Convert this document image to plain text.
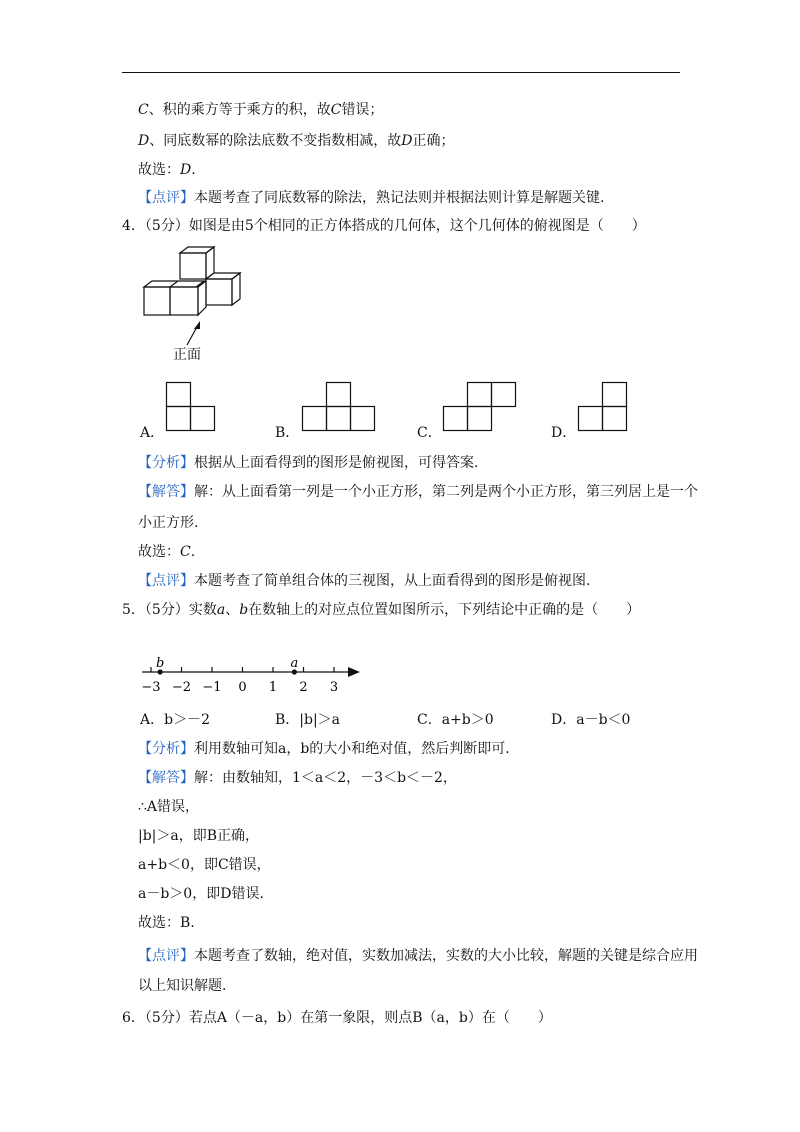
C、积的乘方等于乘方的积，故C错误；
D、同底数幂的除法底数不变指数相减，故D正确；
故选：D.
【点评】本题考查了同底数幂的除法，熟记法则并根据法则计算是解题关键.
4．（5分）如图是由5个相同的正方体搭成的几何体，这个几何体的俯视图是（　　）
正面
A．	B．	C．	D．
【分析】根据从上面看得到的图形是俯视图，可得答案.
【解答】解：从上面看第一列是一个小正方形，第二列是两个小正方形，第三列居上是一个
小正方形.
故选：C.
【点评】本题考查了简单组合体的三视图，从上面看得到的图形是俯视图.
5．（5分）实数a、b在数轴上的对应点位置如图所示，下列结论中正确的是（　　）
−3 −2 −1 0 1 2 3
b	a
A．b＞－2	B．|b|＞a	C．a+b＞0	D．a－b＜0
【分析】利用数轴可知a，b的大小和绝对值，然后判断即可.
【解答】解：由数轴知，1＜a＜2，－3＜b＜－2，
∴A错误，
|b|＞a，即B正确，
a+b＜0，即C错误，
a－b＞0，即D错误.
故选：B.
【点评】本题考查了数轴，绝对值，实数加减法，实数的大小比较，解题的关键是综合应用
以上知识解题.
6．（5分）若点A（－a，b）在第一象限，则点B（a，b）在（　　）
